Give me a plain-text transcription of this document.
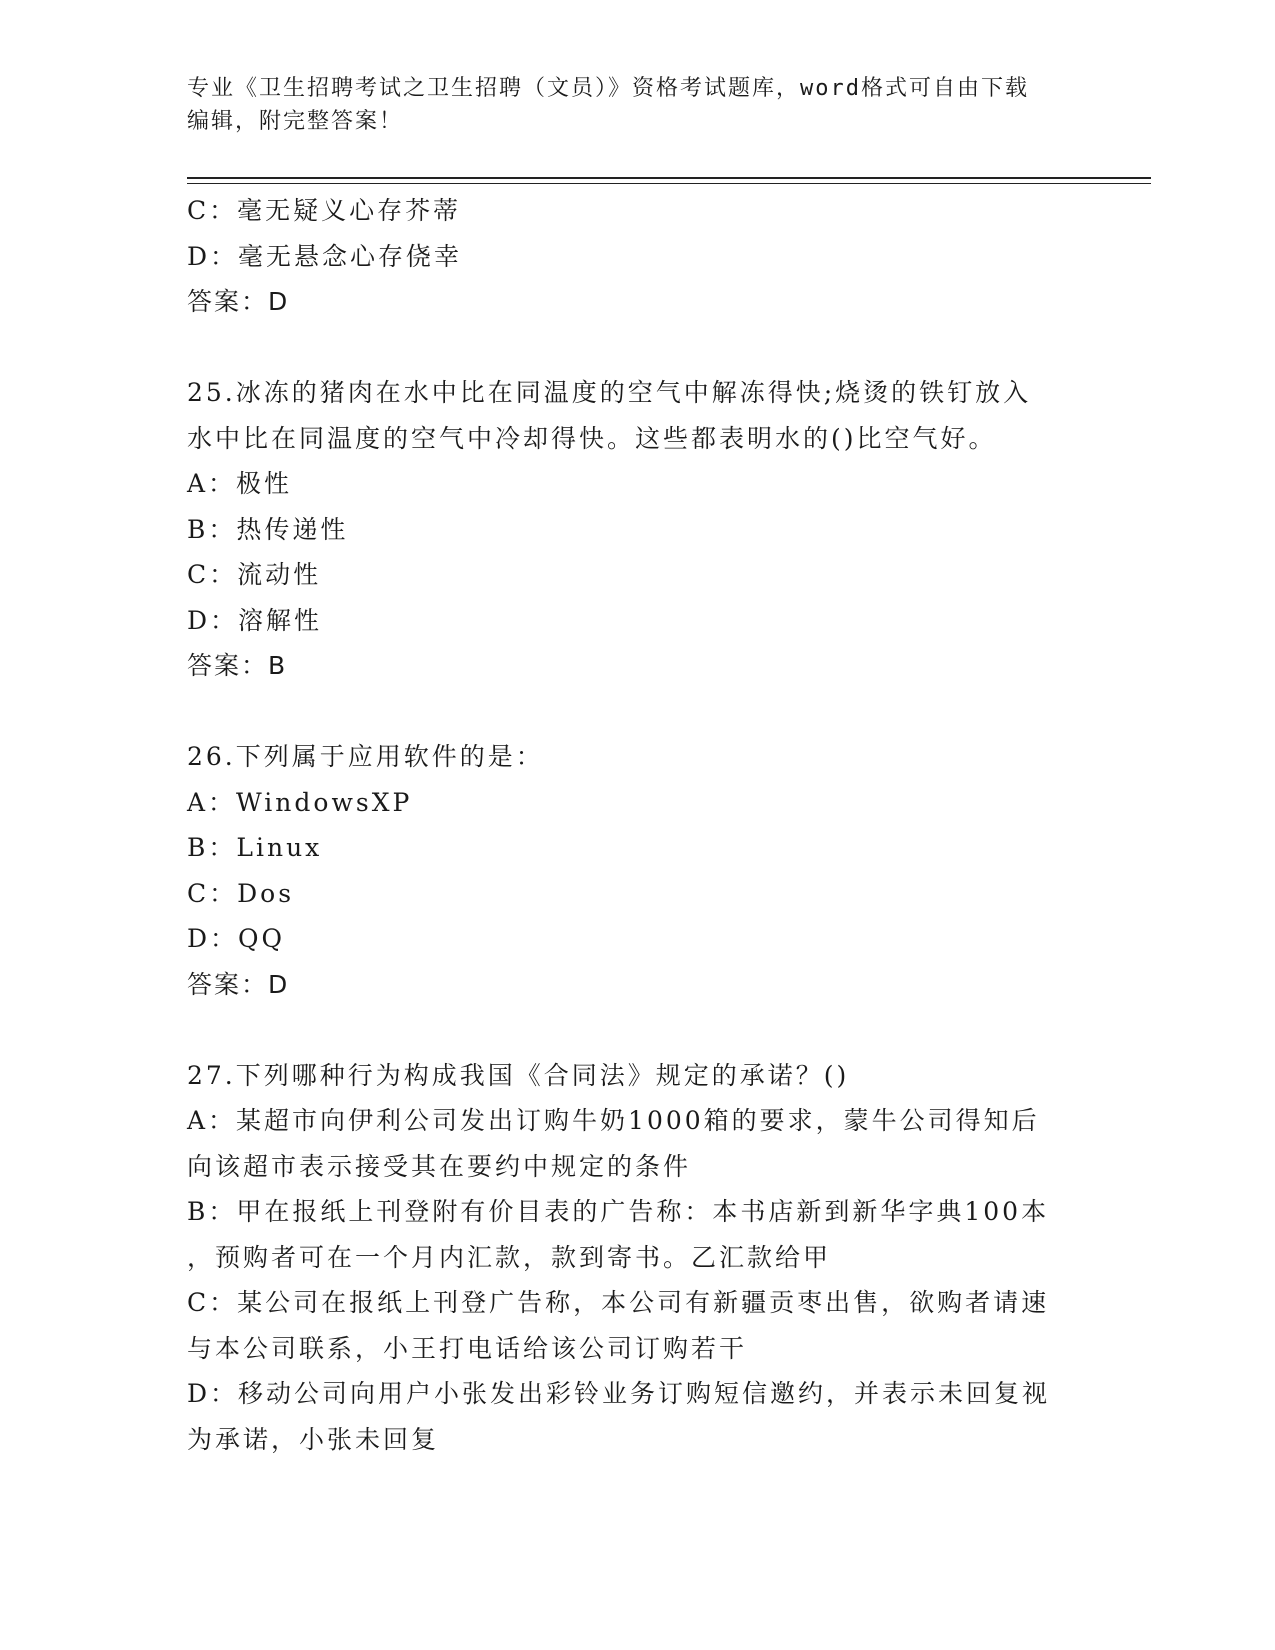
专业《卫生招聘考试之卫生招聘（文员）》资格考试题库，word格式可自由下载
编辑，附完整答案！
C：毫无疑义心存芥蒂
D：毫无悬念心存侥幸
答案：D
25.冰冻的猪肉在水中比在同温度的空气中解冻得快;烧烫的铁钉放入
水中比在同温度的空气中冷却得快。这些都表明水的()比空气好。
A：极性
B：热传递性
C：流动性
D：溶解性
答案：B
26.下列属于应用软件的是：
A：WindowsXP
B：Linux
C：Dos
D：QQ
答案：D
27.下列哪种行为构成我国《合同法》规定的承诺？()
A：某超市向伊利公司发出订购牛奶1000箱的要求，蒙牛公司得知后
向该超市表示接受其在要约中规定的条件
B：甲在报纸上刊登附有价目表的广告称：本书店新到新华字典100本
，预购者可在一个月内汇款，款到寄书。乙汇款给甲
C：某公司在报纸上刊登广告称，本公司有新疆贡枣出售，欲购者请速
与本公司联系，小王打电话给该公司订购若干
D：移动公司向用户小张发出彩铃业务订购短信邀约，并表示未回复视
为承诺，小张未回复
